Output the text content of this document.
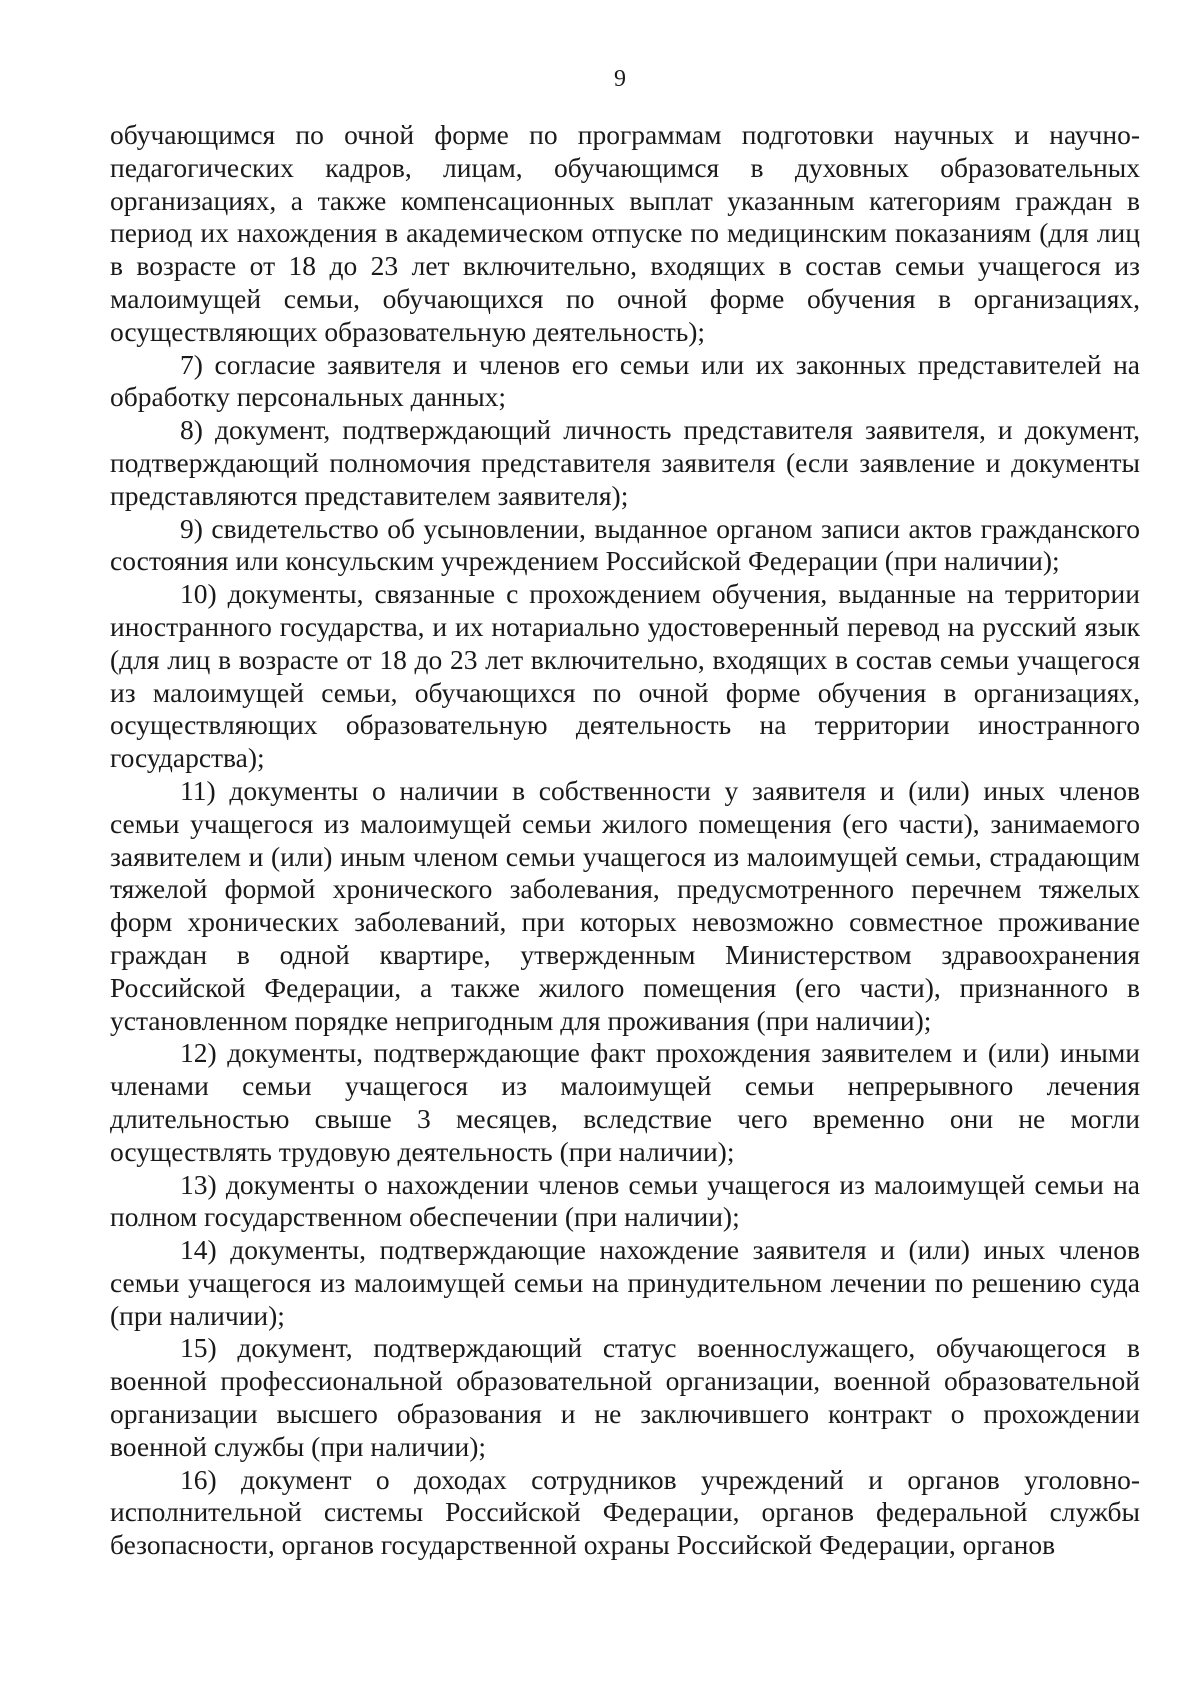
9

обучающимся по очной форме по программам подготовки научных и научно-педагогических кадров, лицам, обучающимся в духовных образовательных организациях, а также компенсационных выплат указанным категориям граждан в период их нахождения в академическом отпуске по медицинским показаниям (для лиц в возрасте от 18 до 23 лет включительно, входящих в состав семьи учащегося из малоимущей семьи, обучающихся по очной форме обучения в организациях, осуществляющих образовательную деятельность);

7) согласие заявителя и членов его семьи или их законных представителей на обработку персональных данных;

8) документ, подтверждающий личность представителя заявителя, и документ, подтверждающий полномочия представителя заявителя (если заявление и документы представляются представителем заявителя);

9) свидетельство об усыновлении, выданное органом записи актов гражданского состояния или консульским учреждением Российской Федерации (при наличии);

10) документы, связанные с прохождением обучения, выданные на территории иностранного государства, и их нотариально удостоверенный перевод на русский язык (для лиц в возрасте от 18 до 23 лет включительно, входящих в состав семьи учащегося из малоимущей семьи, обучающихся по очной форме обучения в организациях, осуществляющих образовательную деятельность на территории иностранного государства);

11) документы о наличии в собственности у заявителя и (или) иных членов семьи учащегося из малоимущей семьи жилого помещения (его части), занимаемого заявителем и (или) иным членом семьи учащегося из малоимущей семьи, страдающим тяжелой формой хронического заболевания, предусмотренного перечнем тяжелых форм хронических заболеваний, при которых невозможно совместное проживание граждан в одной квартире, утвержденным Министерством здравоохранения Российской Федерации, а также жилого помещения (его части), признанного в установленном порядке непригодным для проживания (при наличии);

12) документы, подтверждающие факт прохождения заявителем и (или) иными членами семьи учащегося из малоимущей семьи непрерывного лечения длительностью свыше 3 месяцев, вследствие чего временно они не могли осуществлять трудовую деятельность (при наличии);

13) документы о нахождении членов семьи учащегося из малоимущей семьи на полном государственном обеспечении (при наличии);

14) документы, подтверждающие нахождение заявителя и (или) иных членов семьи учащегося из малоимущей семьи на принудительном лечении по решению суда (при наличии);

15) документ, подтверждающий статус военнослужащего, обучающегося в военной профессиональной образовательной организации, военной образовательной организации высшего образования и не заключившего контракт о прохождении военной службы (при наличии);

16) документ о доходах сотрудников учреждений и органов уголовно-исполнительной системы Российской Федерации, органов федеральной службы безопасности, органов государственной охраны Российской Федерации, органов
